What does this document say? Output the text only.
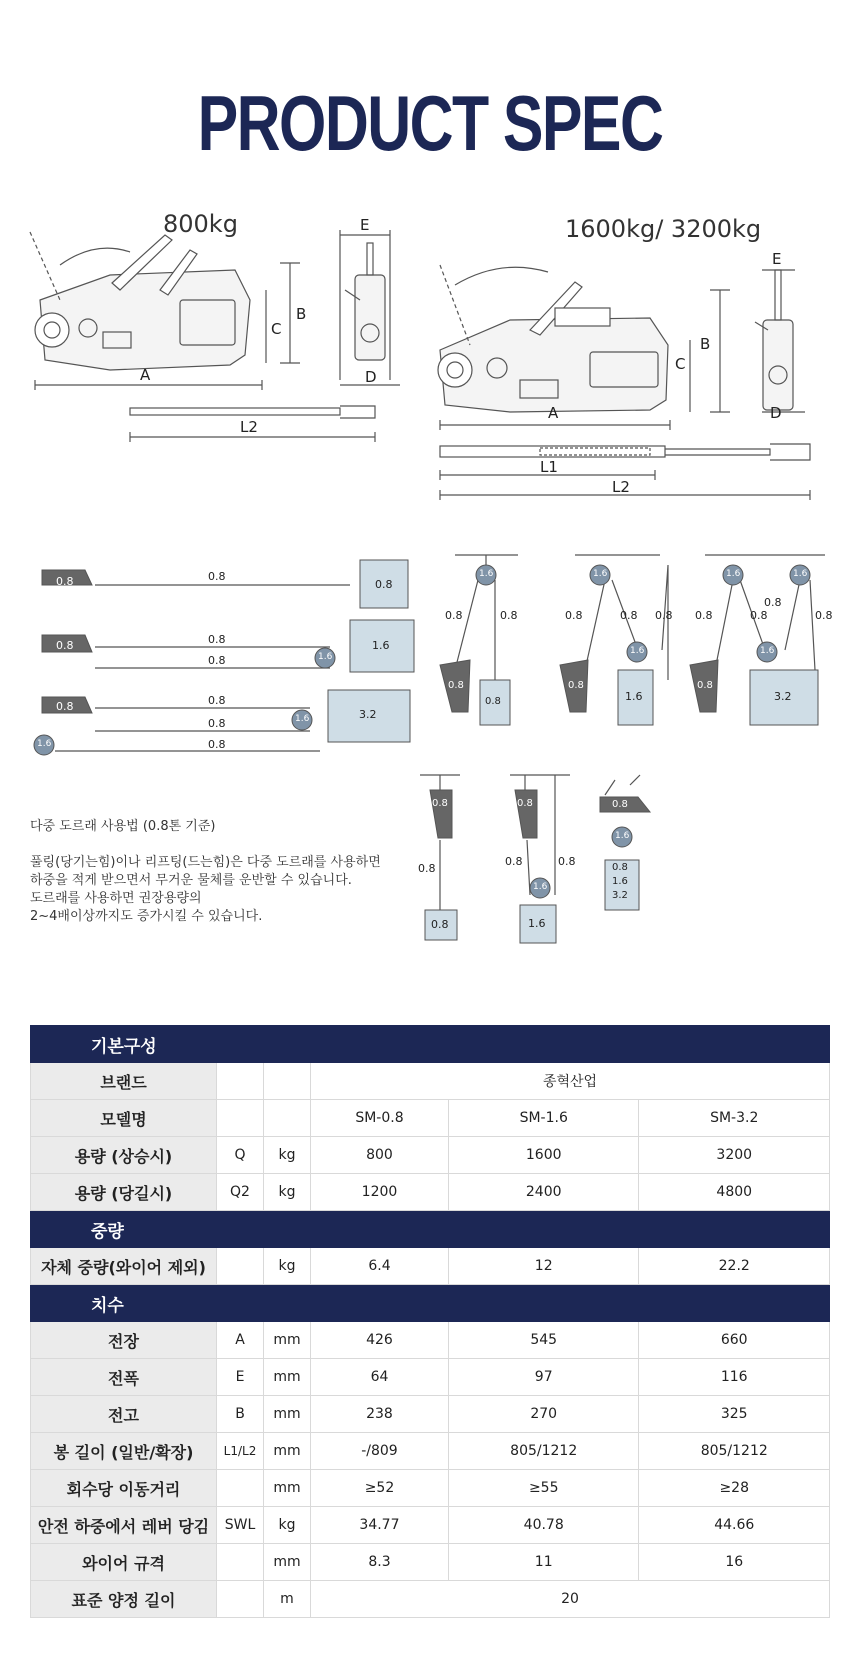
PRODUCT SPEC
800kg	1600kg/ 3200kg
A
B
C
D
E
L2
A
B
C
D
E
L1
L2
0.8	0.8
0.8
0.8	0.8
0.8	1.6
1.6
0.8	0.8
0.8
0.8
1.6
1.6
3.2
1.6
0.8	0.8
0.8
0.8
1.6
1.6
0.8	0.8 0.8
0.8
1.6
1.6	1.6
1.6
0.8	0.8
0.8
0.8
0.8
3.2
0.8
0.8
0.8
0.8
0.8	0.8
1.6
1.6
0.8
1.6
0.8
1.6
3.2

다중 도르래 사용법 (0.8톤 기준)

풀링(당기는힘)이나 리프팅(드는힘)은 다중 도르래를 사용하면
하중을 적게 받으면서 무거운 물체를 운반할 수 있습니다.
도르래를 사용하면 권장용량의
2~4배이상까지도 증가시킬 수 있습니다.
기본구성					
브랜드			종혁산업		
모델명			SM-0.8	SM-1.6	SM-3.2
용량 (상승시)	Q	kg	800	1600	3200
용량 (당길시)	Q2	kg	1200	2400	4800
중량					
자체 중량(와이어 제외)		kg	6.4	12	22.2
치수					
전장	A	mm	426	545	660
전폭	E	mm	64	97	116
전고	B	mm	238	270	325
봉 길이 (일반/확장)	L1/L2	mm	-/809	805/1212	805/1212
회수당 이동거리		mm	≥52	≥55	≥28
안전 하중에서 레버 당김	SWL	kg	34.77	40.78	44.66
와이어 규격		mm	8.3	11	16
표준 양정 길이		m	20		
